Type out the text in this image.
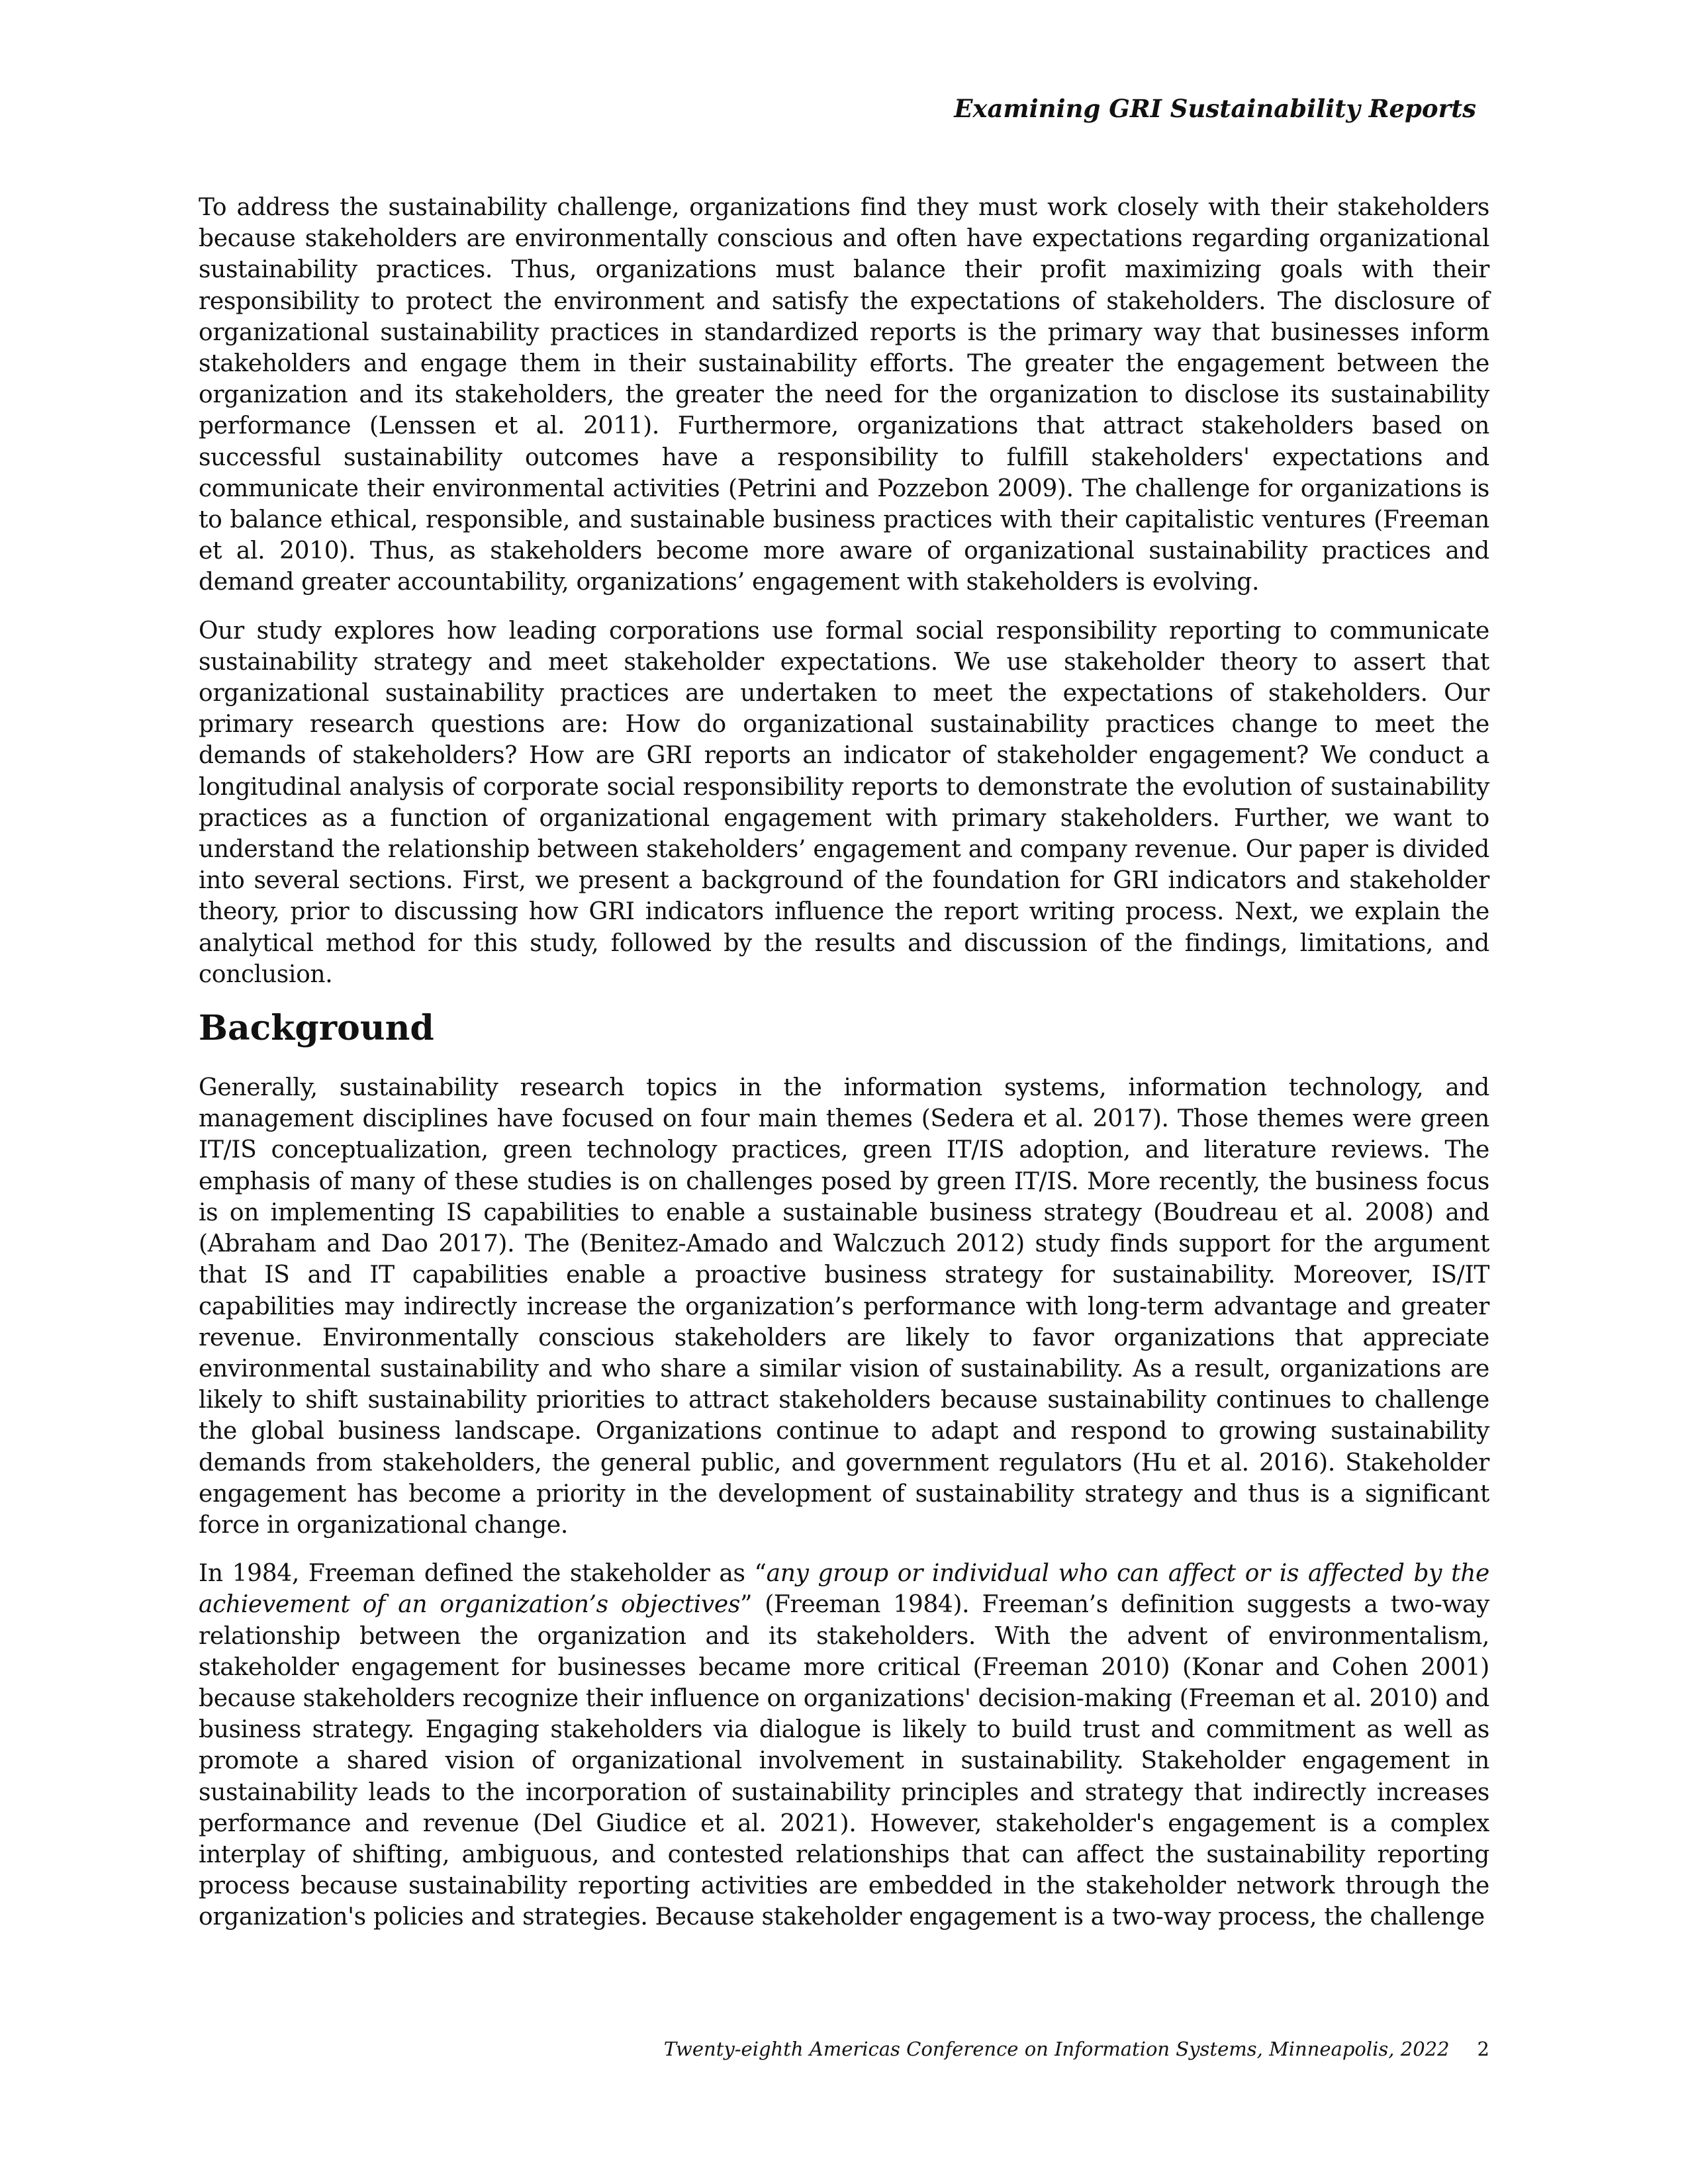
Examining GRI Sustainability Reports

To address the sustainability challenge, organizations find they must work closely with their stakeholders because stakeholders are environmentally conscious and often have expectations regarding organizational sustainability practices. Thus, organizations must balance their profit maximizing goals with their responsibility to protect the environment and satisfy the expectations of stakeholders. The disclosure of organizational sustainability practices in standardized reports is the primary way that businesses inform stakeholders and engage them in their sustainability efforts. The greater the engagement between the organization and its stakeholders, the greater the need for the organization to disclose its sustainability performance (Lenssen et al. 2011). Furthermore, organizations that attract stakeholders based on successful sustainability outcomes have a responsibility to fulfill stakeholders' expectations and communicate their environmental activities (Petrini and Pozzebon 2009). The challenge for organizations is to balance ethical, responsible, and sustainable business practices with their capitalistic ventures (Freeman et al. 2010). Thus, as stakeholders become more aware of organizational sustainability practices and demand greater accountability, organizations’ engagement with stakeholders is evolving.

Our study explores how leading corporations use formal social responsibility reporting to communicate sustainability strategy and meet stakeholder expectations. We use stakeholder theory to assert that organizational sustainability practices are undertaken to meet the expectations of stakeholders. Our primary research questions are: How do organizational sustainability practices change to meet the demands of stakeholders? How are GRI reports an indicator of stakeholder engagement? We conduct a longitudinal analysis of corporate social responsibility reports to demonstrate the evolution of sustainability practices as a function of organizational engagement with primary stakeholders. Further, we want to understand the relationship between stakeholders’ engagement and company revenue. Our paper is divided into several sections. First, we present a background of the foundation for GRI indicators and stakeholder theory, prior to discussing how GRI indicators influence the report writing process. Next, we explain the analytical method for this study, followed by the results and discussion of the findings, limitations, and conclusion.

Background

Generally, sustainability research topics in the information systems, information technology, and management disciplines have focused on four main themes (Sedera et al. 2017). Those themes were green IT/IS conceptualization, green technology practices, green IT/IS adoption, and literature reviews. The emphasis of many of these studies is on challenges posed by green IT/IS. More recently, the business focus is on implementing IS capabilities to enable a sustainable business strategy (Boudreau et al. 2008) and (Abraham and Dao 2017). The (Benitez-Amado and Walczuch 2012) study finds support for the argument that IS and IT capabilities enable a proactive business strategy for sustainability. Moreover, IS/IT capabilities may indirectly increase the organization’s performance with long-term advantage and greater revenue. Environmentally conscious stakeholders are likely to favor organizations that appreciate environmental sustainability and who share a similar vision of sustainability. As a result, organizations are likely to shift sustainability priorities to attract stakeholders because sustainability continues to challenge the global business landscape. Organizations continue to adapt and respond to growing sustainability demands from stakeholders, the general public, and government regulators (Hu et al. 2016). Stakeholder engagement has become a priority in the development of sustainability strategy and thus is a significant force in organizational change.

In 1984, Freeman defined the stakeholder as “any group or individual who can affect or is affected by the achievement of an organization’s objectives” (Freeman 1984). Freeman’s definition suggests a two-way relationship between the organization and its stakeholders. With the advent of environmentalism, stakeholder engagement for businesses became more critical (Freeman 2010) (Konar and Cohen 2001) because stakeholders recognize their influence on organizations' decision-making (Freeman et al. 2010) and business strategy. Engaging stakeholders via dialogue is likely to build trust and commitment as well as promote a shared vision of organizational involvement in sustainability. Stakeholder engagement in sustainability leads to the incorporation of sustainability principles and strategy that indirectly increases performance and revenue (Del Giudice et al. 2021). However, stakeholder's engagement is a complex interplay of shifting, ambiguous, and contested relationships that can affect the sustainability reporting process because sustainability reporting activities are embedded in the stakeholder network through the organization's policies and strategies. Because stakeholder engagement is a two-way process, the challenge

Twenty-eighth Americas Conference on Information Systems, Minneapolis, 2022 2
